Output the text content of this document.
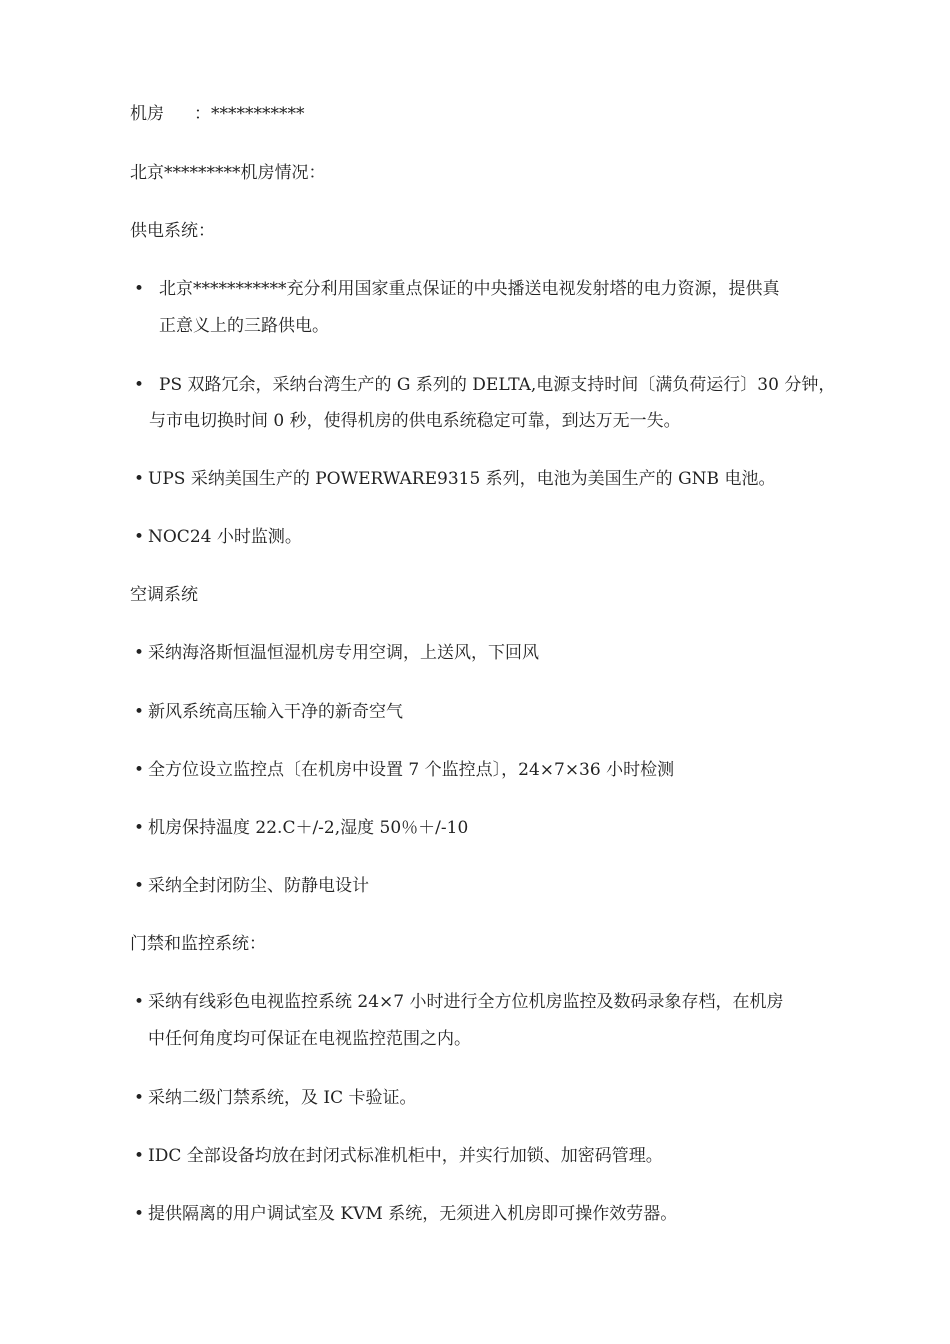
机房 ：***********
北京*********机房情况：
供电系统：
• 北京***********充分利用国家重点保证的中央播送电视发射塔的电力资源，提供真
正意义上的三路供电。
• PS 双路冗余，采纳台湾生产的 G 系列的 DELTA,电源支持时间〔满负荷运行〕30 分钟，
与市电切换时间 0 秒，使得机房的供电系统稳定可靠，到达万无一失。
• UPS 采纳美国生产的 POWERWARE9315 系列，电池为美国生产的 GNB 电池。
• NOC24 小时监测。
空调系统
• 采纳海洛斯恒温恒湿机房专用空调，上送风，下回风
• 新风系统高压输入干净的新奇空气
• 全方位设立监控点〔在机房中设置 7 个监控点〕，24×7×36 小时检测
• 机房保持温度 22.C＋/-2,湿度 50％＋/-10
• 采纳全封闭防尘、防静电设计
门禁和监控系统：
• 采纳有线彩色电视监控系统 24×7 小时进行全方位机房监控及数码录象存档，在机房
中任何角度均可保证在电视监控范围之内。
• 采纳二级门禁系统，及 IC 卡验证。
• IDC 全部设备均放在封闭式标准机柜中，并实行加锁、加密码管理。
• 提供隔离的用户调试室及 KVM 系统，无须进入机房即可操作效劳器。
